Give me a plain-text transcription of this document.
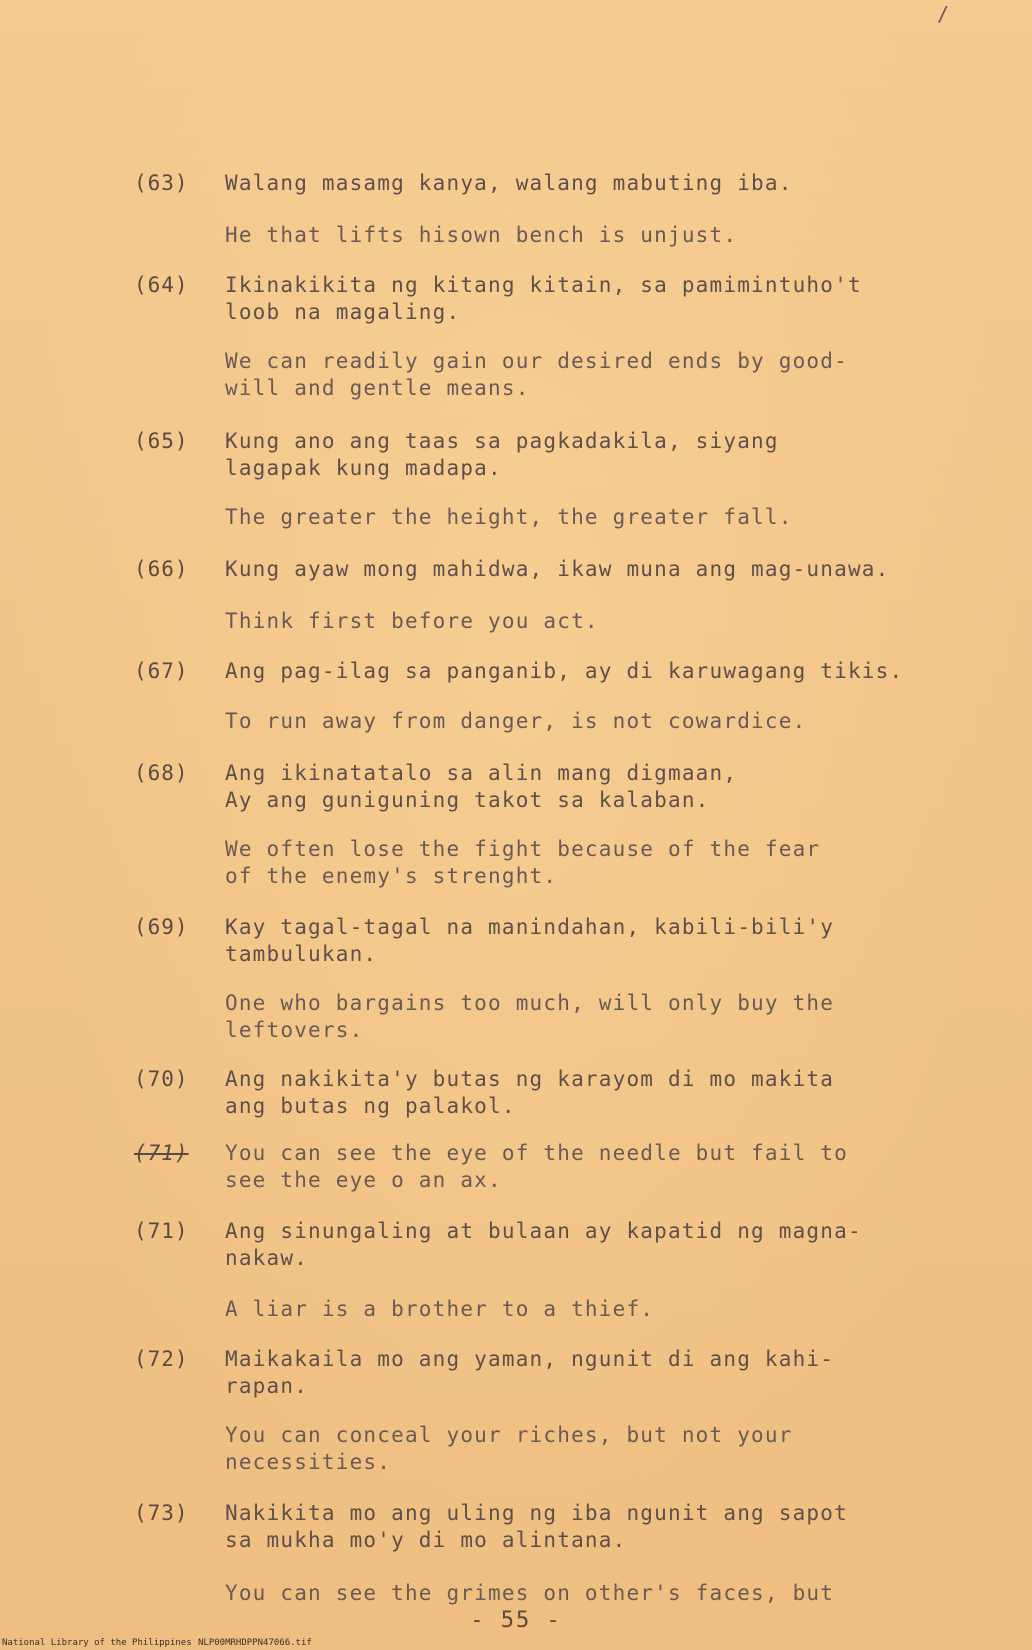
/
(63) Walang masamg kanya, walang mabuting iba.
He that lifts hisown bench is unjust.
(64) Ikinakikita ng kitang kitain, sa pamimintuho't
loob na magaling.
We can readily gain our desired ends by good-
will and gentle means.
(65) Kung ano ang taas sa pagkadakila, siyang
lagapak kung madapa.
The greater the height, the greater fall.
(66) Kung ayaw mong mahidwa, ikaw muna ang mag-unawa.
Think first before you act.
(67) Ang pag-ilag sa panganib, ay di karuwagang tikis.
To run away from danger, is not cowardice.
(68) Ang ikinatatalo sa alin mang digmaan,
Ay ang guniguning takot sa kalaban.
We often lose the fight because of the fear
of the enemy's strenght.
(69) Kay tagal-tagal na manindahan, kabili-bili'y
tambulukan.
One who bargains too much, will only buy the
leftovers.
(70) Ang nakikita'y butas ng karayom di mo makita
ang butas ng palakol.
(71) You can see the eye of the needle but fail to
see the eye o an ax.
(71) Ang sinungaling at bulaan ay kapatid ng magna-
nakaw.
A liar is a brother to a thief.
(72) Maikakaila mo ang yaman, ngunit di ang kahi-
rapan.
You can conceal your riches, but not your
necessities.
(73) Nakikita mo ang uling ng iba ngunit ang sapot
sa mukha mo'y di mo alintana.
You can see the grimes on other's faces, but
- 55 -
National Library of the Philippines NLP00MRHDPPN47066.tif
